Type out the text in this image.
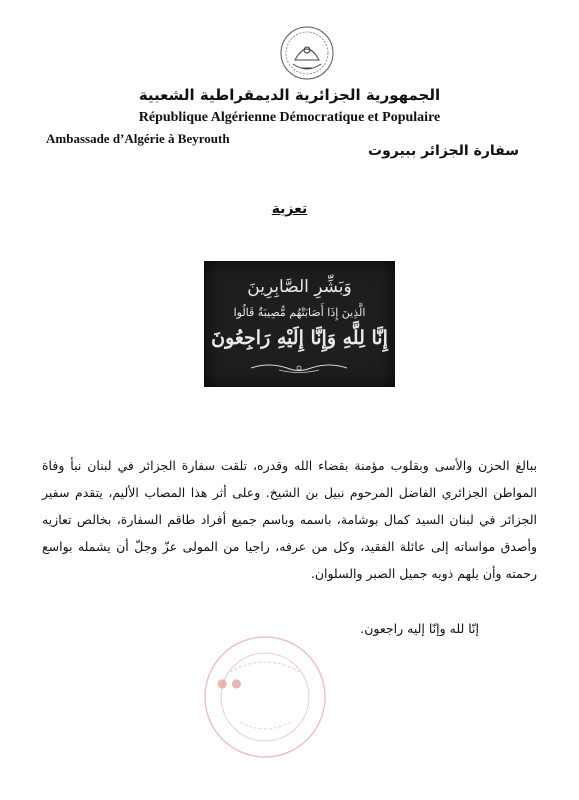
الجمهورية الجزائرية الديمقراطية الشعبية
République Algérienne Démocratique et Populaire
Ambassade d’Algérie à Beyrouth
سفارة الجزائر ببيروت
تعزية
وَبَشِّرِ الصَّابِرِينَ
الَّذِينَ إِذَا أَصَابَتْهُم مُّصِيبَةٌ قَالُوا
إِنَّا لِلَّهِ وَإِنَّا إِلَيْهِ رَاجِعُونَ
ببالغ الحزن والأسى وبقلوب مؤمنة بقضاء الله وقدره، تلقت سفارة الجزائر في لبنان نبأ وفاة المواطن الجزائري الفاضل المرحوم نبيل بن الشيخ. وعلى أثر هذا المصاب الأليم، يتقدم سفير الجزائر في لبنان السيد كمال بوشامة، باسمه وباسم جميع أفراد طاقم السفارة، بخالص تعازيه وأصدق مواساته إلى عائلة الفقيد، وكل من عرفه، راجيا من المولى عزّ وجلّ أن يشمله بواسع رحمته وأن يلهم ذويه جميل الصبر والسلوان.
● ●
إنّا لله وإنّا إليه راجعون.
